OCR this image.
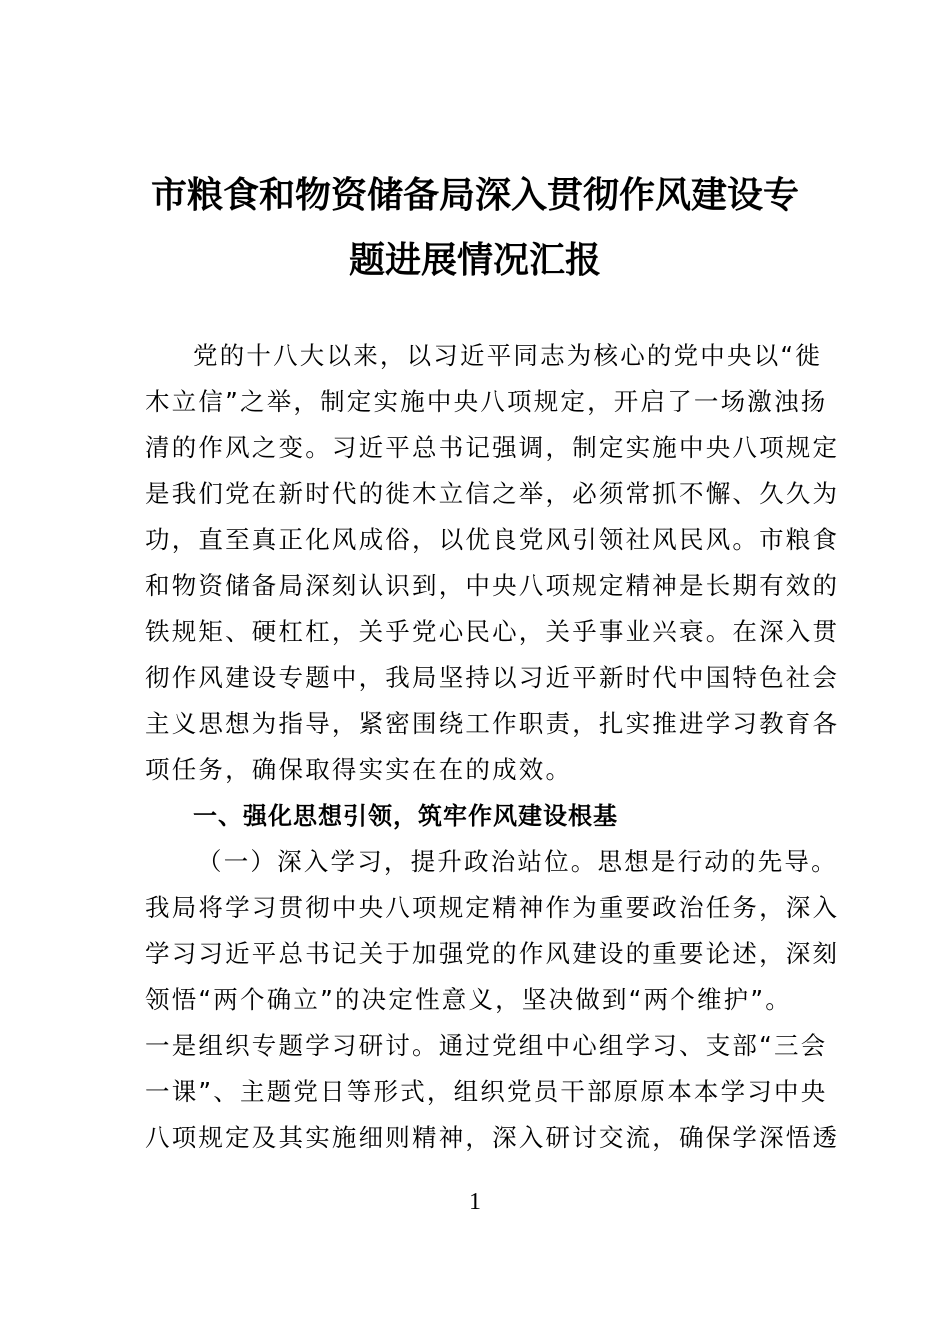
市粮食和物资储备局深入贯彻作风建设专
题进展情况汇报
党的十八大以来，以习近平同志为核心的党中央以“徙
木立信”之举，制定实施中央八项规定，开启了一场激浊扬
清的作风之变。习近平总书记强调，制定实施中央八项规定
是我们党在新时代的徙木立信之举，必须常抓不懈、久久为
功，直至真正化风成俗，以优良党风引领社风民风。市粮食
和物资储备局深刻认识到，中央八项规定精神是长期有效的
铁规矩、硬杠杠，关乎党心民心，关乎事业兴衰。在深入贯
彻作风建设专题中，我局坚持以习近平新时代中国特色社会
主义思想为指导，紧密围绕工作职责，扎实推进学习教育各
项任务，确保取得实实在在的成效。
一、强化思想引领，筑牢作风建设根基
（一）深入学习，提升政治站位。思想是行动的先导。
我局将学习贯彻中央八项规定精神作为重要政治任务，深入
学习习近平总书记关于加强党的作风建设的重要论述，深刻
领悟“两个确立”的决定性意义，坚决做到“两个维护”。
一是组织专题学习研讨。通过党组中心组学习、支部“三会
一课”、主题党日等形式，组织党员干部原原本本学习中央
八项规定及其实施细则精神，深入研讨交流，确保学深悟透
1
